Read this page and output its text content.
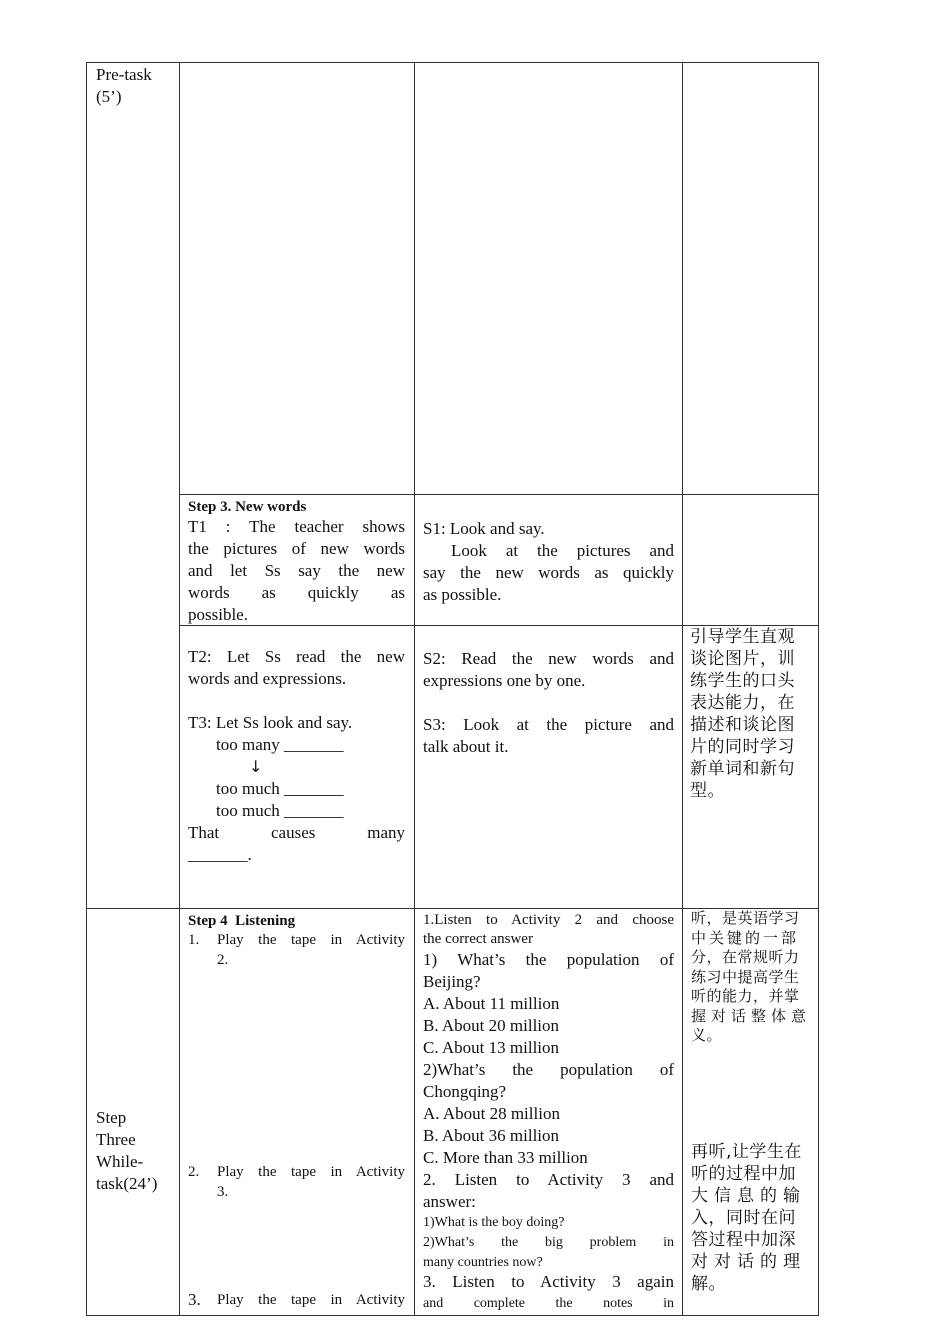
Pre-task
(5’)
Step 3. New words
T1 : The teacher shows
the pictures of new words
and let Ss say the new
words as quickly as
possible.
S1: Look and say.
Look at the pictures and
say the new words as quickly
as possible.
T2: Let Ss read the new
words and expressions.
T3: Let Ss look and say.
too many _______
↓
too much _______
too much _______
That causes many
_______.
S2: Read the new words and
expressions one by one.
S3: Look at the picture and
talk about it.
引导学生直观
谈论图片，训
练学生的口头
表达能力，在
描述和谈论图
片的同时学习
新单词和新句
型。
Step
Three
While-
task(24’)
Step 4  Listening
1. Play the tape in Activity
2.
2. Play the tape in Activity
3.
3. Play the tape in Activity
1.Listen to Activity 2 and choose
the correct answer
1) What’s the population of
Beijing?
A. About 11 million
B. About 20 million
C. About 13 million
2)What’s the population of
Chongqing?
A. About 28 million
B. About 36 million
C. More than 33 million
2. Listen to Activity 3 and
answer:
1)What is the boy doing?
2)What’s the big problem in
many countries now?
3. Listen to Activity 3 again
and complete the notes in
听，是英语学习
中关键的一部
分，在常规听力
练习中提高学生
听的能力，并掌
握对话整体意
义。
再听,让学生在
听的过程中加
大信息的输
入，同时在问
答过程中加深
对对话的理
解。
